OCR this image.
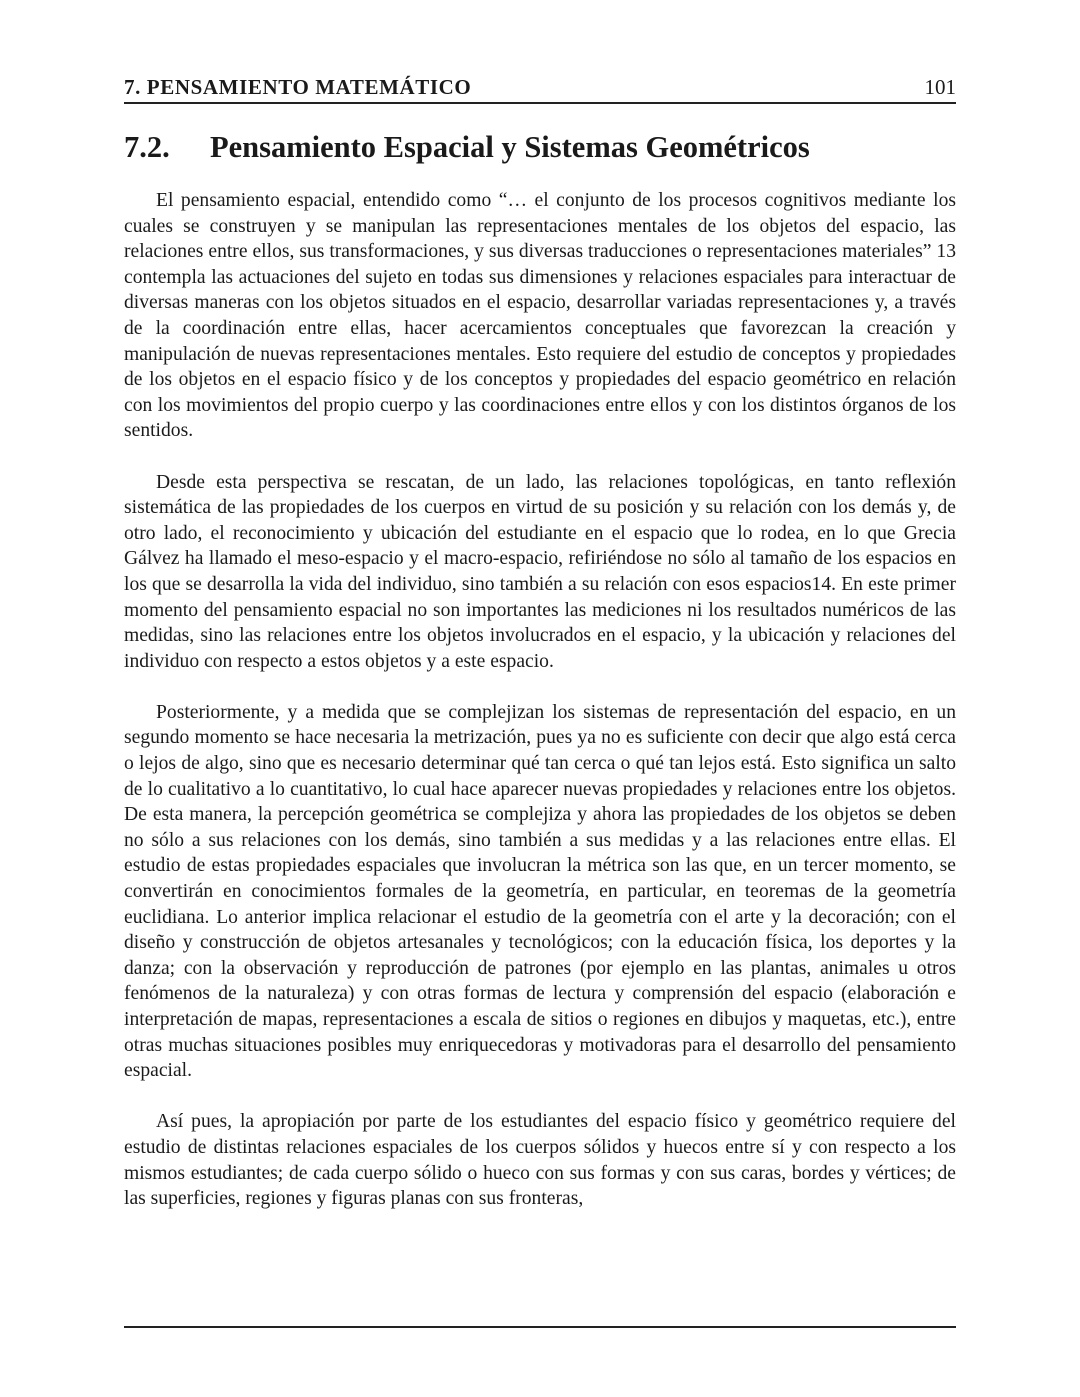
7. PENSAMIENTO MATEMÁTICO	101
7.2. Pensamiento Espacial y Sistemas Geométricos

El pensamiento espacial, entendido como “… el conjunto de los procesos cognitivos mediante los cuales se construyen y se manipulan las representaciones mentales de los objetos del espacio, las relaciones entre ellos, sus transformaciones, y sus diversas traducciones o representaciones materiales” 13 contempla las actuaciones del sujeto en todas sus dimensiones y relaciones espaciales para interactuar de diversas maneras con los objetos situados en el espacio, desarrollar variadas representaciones y, a través de la coordinación entre ellas, hacer acercamientos conceptuales que favorezcan la creación y manipulación de nuevas representaciones mentales. Esto requiere del estudio de conceptos y propiedades de los objetos en el espacio físico y de los conceptos y propiedades del espacio geométrico en relación con los movimientos del propio cuerpo y las coordinaciones entre ellos y con los distintos órganos de los sentidos.

Desde esta perspectiva se rescatan, de un lado, las relaciones topológicas, en tanto reflexión sistemática de las propiedades de los cuerpos en virtud de su posición y su relación con los demás y, de otro lado, el reconocimiento y ubicación del estudiante en el espacio que lo rodea, en lo que Grecia Gálvez ha llamado el meso-espacio y el macro-espacio, refiriéndose no sólo al tamaño de los espacios en los que se desarrolla la vida del individuo, sino también a su relación con esos espacios14. En este primer momento del pensamiento espacial no son importantes las mediciones ni los resultados numéricos de las medidas, sino las relaciones entre los objetos involucrados en el espacio, y la ubicación y relaciones del individuo con respecto a estos objetos y a este espacio.

Posteriormente, y a medida que se complejizan los sistemas de representación del espacio, en un segundo momento se hace necesaria la metrización, pues ya no es suficiente con decir que algo está cerca o lejos de algo, sino que es necesario determinar qué tan cerca o qué tan lejos está. Esto significa un salto de lo cualitativo a lo cuantitativo, lo cual hace aparecer nuevas propiedades y relaciones entre los objetos. De esta manera, la percepción geométrica se complejiza y ahora las propiedades de los objetos se deben no sólo a sus relaciones con los demás, sino también a sus medidas y a las relaciones entre ellas. El estudio de estas propiedades espaciales que involucran la métrica son las que, en un tercer momento, se convertirán en conocimientos formales de la geometría, en particular, en teoremas de la geometría euclidiana. Lo anterior implica relacionar el estudio de la geometría con el arte y la decoración; con el diseño y construcción de objetos artesanales y tecnológicos; con la educación física, los deportes y la danza; con la observación y reproducción de patrones (por ejemplo en las plantas, animales u otros fenómenos de la naturaleza) y con otras formas de lectura y comprensión del espacio (elaboración e interpretación de mapas, representaciones a escala de sitios o regiones en dibujos y maquetas, etc.), entre otras muchas situaciones posibles muy enriquecedoras y motivadoras para el desarrollo del pensamiento espacial.

Así pues, la apropiación por parte de los estudiantes del espacio físico y geométrico requiere del estudio de distintas relaciones espaciales de los cuerpos sólidos y huecos entre sí y con respecto a los mismos estudiantes; de cada cuerpo sólido o hueco con sus formas y con sus caras, bordes y vértices; de las superficies, regiones y figuras planas con sus fronteras,
